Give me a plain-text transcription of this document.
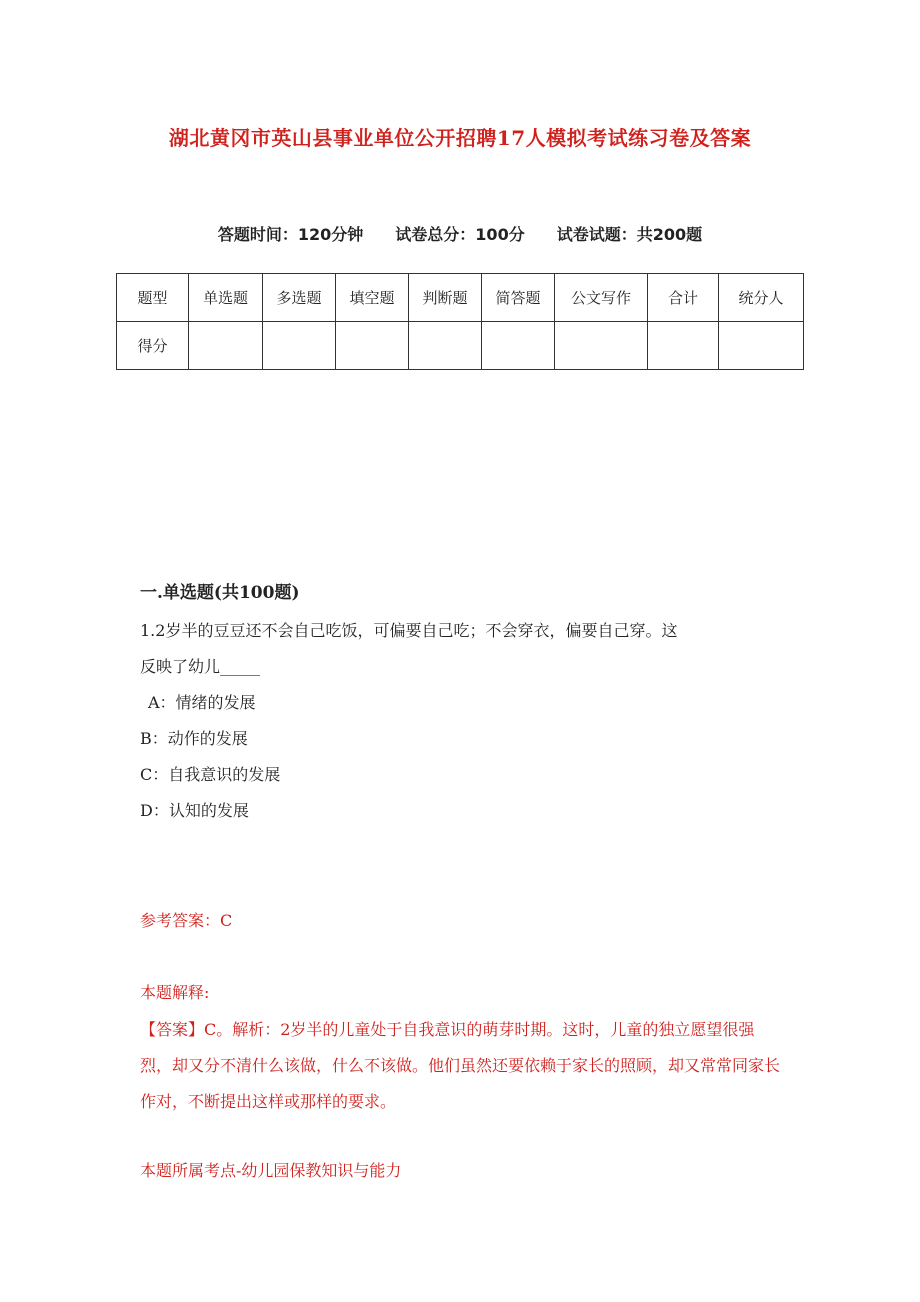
湖北黄冈市英山县事业单位公开招聘17人模拟考试练习卷及答案
答题时间：120分钟 试卷总分：100分 试卷试题：共200题
题型	单选题	多选题	填空题	判断题	简答题	公文写作	合计	统分人
得分								
一.单选题(共100题)
1.2岁半的豆豆还不会自己吃饭，可偏要自己吃；不会穿衣，偏要自己穿。这
反映了幼儿_____
A：情绪的发展
B：动作的发展
C：自我意识的发展
D：认知的发展
参考答案：C
本题解释:
【答案】C。解析：2岁半的儿童处于自我意识的萌芽时期。这时，儿童的独立愿望很强烈，却又分不清什么该做，什么不该做。他们虽然还要依赖于家长的照顾，却又常常同家长作对，不断提出这样或那样的要求。
本题所属考点-幼儿园保教知识与能力
